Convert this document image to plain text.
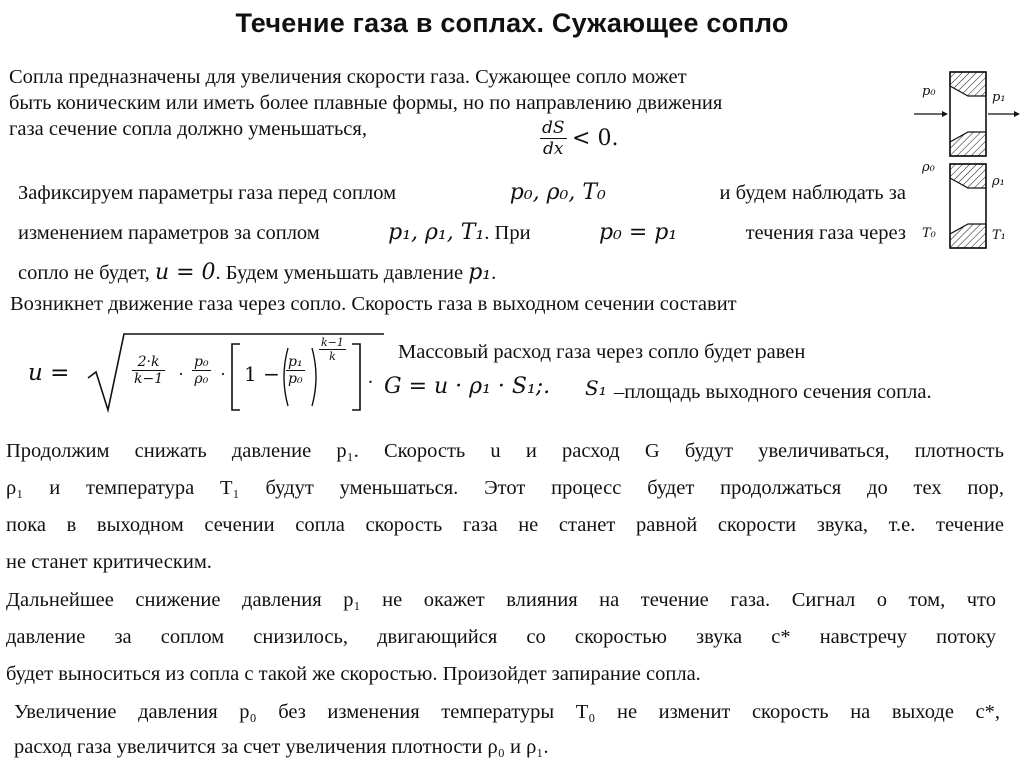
Течение газа в соплах. Сужающее сопло
Сопла предназначены для увеличения скорости газа. Сужающее сопло может
быть коническим или иметь более плавные формы, но по направлению движения
газа сечение сопла должно уменьшаться,	$\frac{dS}{dx} < 0$.
Зафиксируем параметры газа перед соплом	p₀, ρ₀, T₀	и будем наблюдать за
изменением параметров за соплом	p₁, ρ₁, T₁. При	p₀ = p₁	течения газа через
сопло не будет, u = 0. Будем уменьшать давление p₁.
Возникнет движение газа через сопло. Скорость газа в выходном сечении составит
u =	$\frac{2\cdot k}{k-1} \cdot \frac{\text{p₀}}{\text{ρ₀}} \cdot 1 - \frac{\text{p₁}}{\text{p₀}}$
$\frac{k-1}{k}$
.
Массовый расход газа через сопло будет равен
G = u · ρ₁ · S₁;. S₁ –площадь выходного сечения сопла.
Продолжим снижать давление p₁. Скорость u и расход G будут увеличиваться, плотность
ρ₁ и температура T₁ будут уменьшаться. Этот процесс будет продолжаться до тех пор,
пока в выходном сечении сопла скорость газа не станет равной скорости звука, т.е. течение
не станет критическим.
Дальнейшее снижение давления p₁ не окажет влияния на течение газа. Сигнал о том, что
давление за соплом снизилось, двигающийся со скоростью звука c* навстречу потоку
будет выноситься из сопла с такой же скоростью. Произойдет запирание сопла.
Увеличение давления p₀ без изменения температуры T₀ не изменит скорость на выходе c*,
расход газа увеличится за счет увеличения плотности ρ₀ и ρ₁.
p₀	p₁
ρ₀
ρ₁
T₀	T₁
